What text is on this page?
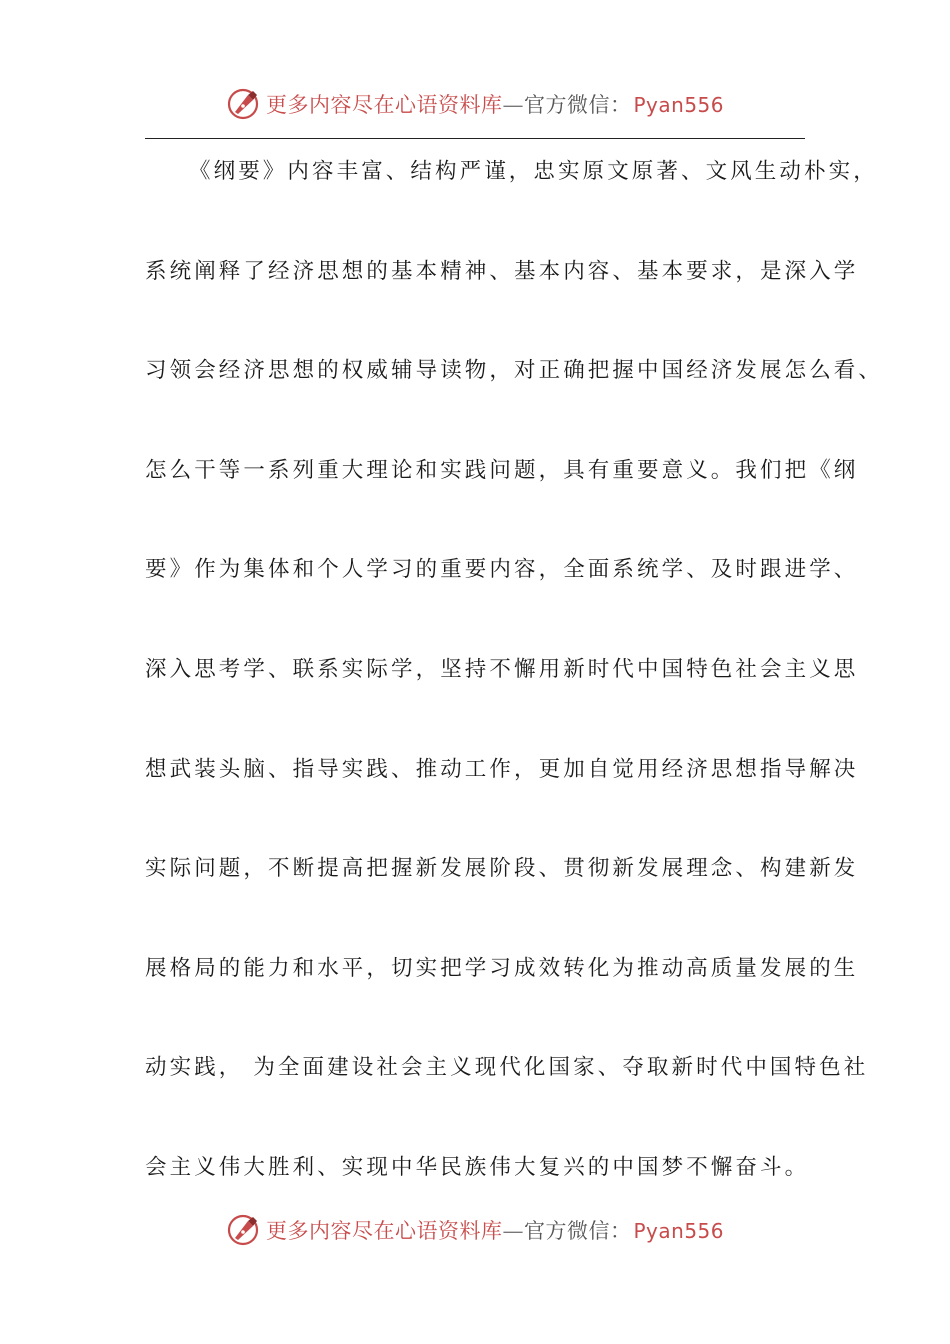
更多内容尽在心语资料库—官方微信： Pyan556
《纲要》内容丰富、结构严谨，忠实原文原著、文风生动朴实，
系统阐释了经济思想的基本精神、基本内容、基本要求，是深入学
习领会经济思想的权威辅导读物，对正确把握中国经济发展怎么看、
怎么干等一系列重大理论和实践问题，具有重要意义。我们把《纲
要》作为集体和个人学习的重要内容，全面系统学、及时跟进学、
深入思考学、联系实际学，坚持不懈用新时代中国特色社会主义思
想武装头脑、指导实践、推动工作，更加自觉用经济思想指导解决
实际问题，不断提高把握新发展阶段、贯彻新发展理念、构建新发
展格局的能力和水平，切实把学习成效转化为推动高质量发展的生
动实践， 为全面建设社会主义现代化国家、夺取新时代中国特色社
会主义伟大胜利、实现中华民族伟大复兴的中国梦不懈奋斗。
更多内容尽在心语资料库—官方微信： Pyan556
